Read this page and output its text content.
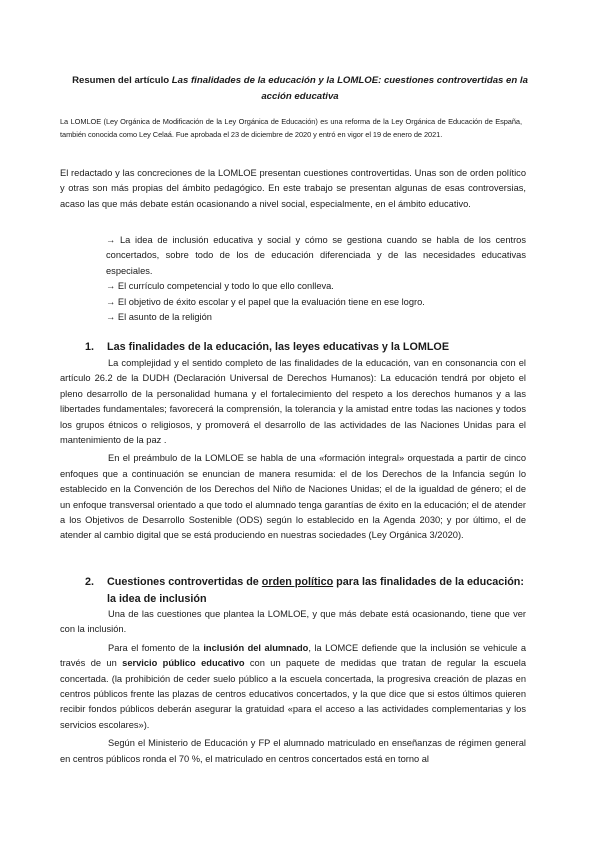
Resumen del artículo Las finalidades de la educación y la LOMLOE: cuestiones controvertidas en la acción educativa
La LOMLOE (Ley Orgánica de Modificación de la Ley Orgánica de Educación) es una reforma de la Ley Orgánica de Educación de España, también conocida como Ley Celaá. Fue aprobada el 23 de diciembre de 2020 y entró en vigor el 19 de enero de 2021.

El redactado y las concreciones de la LOMLOE presentan cuestiones controvertidas. Unas son de orden político y otras son más propias del ámbito pedagógico. En este trabajo se presentan algunas de esas controversias, acaso las que más debate están ocasionando a nivel social, especialmente, en el ámbito educativo.

→ La idea de inclusión educativa y social y cómo se gestiona cuando se habla de los centros concertados, sobre todo de los de educación diferenciada y de las necesidades educativas especiales.
→ El currículo competencial y todo lo que ello conlleva.
→ El objetivo de éxito escolar y el papel que la evaluación tiene en ese logro.
→ El asunto de la religión
1. Las finalidades de la educación, las leyes educativas y la LOMLOE

La complejidad y el sentido completo de las finalidades de la educación, van en consonancia con el artículo 26.2 de la DUDH (Declaración Universal de Derechos Humanos): La educación tendrá por objeto el pleno desarrollo de la personalidad humana y el fortalecimiento del respeto a los derechos humanos y a las libertades fundamentales; favorecerá la comprensión, la tolerancia y la amistad entre todas las naciones y todos los grupos étnicos o religiosos, y promoverá el desarrollo de las actividades de las Naciones Unidas para el mantenimiento de la paz .

En el preámbulo de la LOMLOE se habla de una «formación integral» orquestada a partir de cinco enfoques que a continuación se enuncian de manera resumida: el de los Derechos de la Infancia según lo establecido en la Convención de los Derechos del Niño de Naciones Unidas; el de la igualdad de género; el de un enfoque transversal orientado a que todo el alumnado tenga garantías de éxito en la educación; el de atender a los Objetivos de Desarrollo Sostenible (ODS) según lo establecido en la Agenda 2030; y por último, el de atender al cambio digital que se está produciendo en nuestras sociedades (Ley Orgánica 3/2020).

2. Cuestiones controvertidas de orden político para las finalidades de la educación: la idea de inclusión

Una de las cuestiones que plantea la LOMLOE, y que más debate está ocasionando, tiene que ver con la inclusión.

Para el fomento de la inclusión del alumnado, la LOMCE defiende que la inclusión se vehicule a través de un servicio público educativo con un paquete de medidas que tratan de regular la escuela concertada. (la prohibición de ceder suelo público a la escuela concertada, la progresiva creación de plazas en centros públicos frente las plazas de centros educativos concertados, y la que dice que si estos últimos quieren recibir fondos públicos deberán asegurar la gratuidad «para el acceso a las actividades complementarias y los servicios escolares»).

Según el Ministerio de Educación y FP el alumnado matriculado en enseñanzas de régimen general en centros públicos ronda el 70 %, el matriculado en centros concertados está en torno al
